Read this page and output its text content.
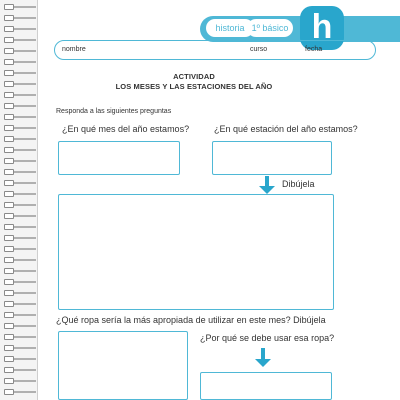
historia 1º básico h
nombre	curso	fecha
ACTIVIDAD
LOS MESES Y LAS ESTACIONES DEL AÑO
Responda a las siguientes preguntas
¿En qué mes del año estamos?	¿En qué estación del año estamos?
Dibújela
¿Qué ropa sería la más apropiada de utilizar en este mes? Dibújela
¿Por qué se debe usar esa ropa?
